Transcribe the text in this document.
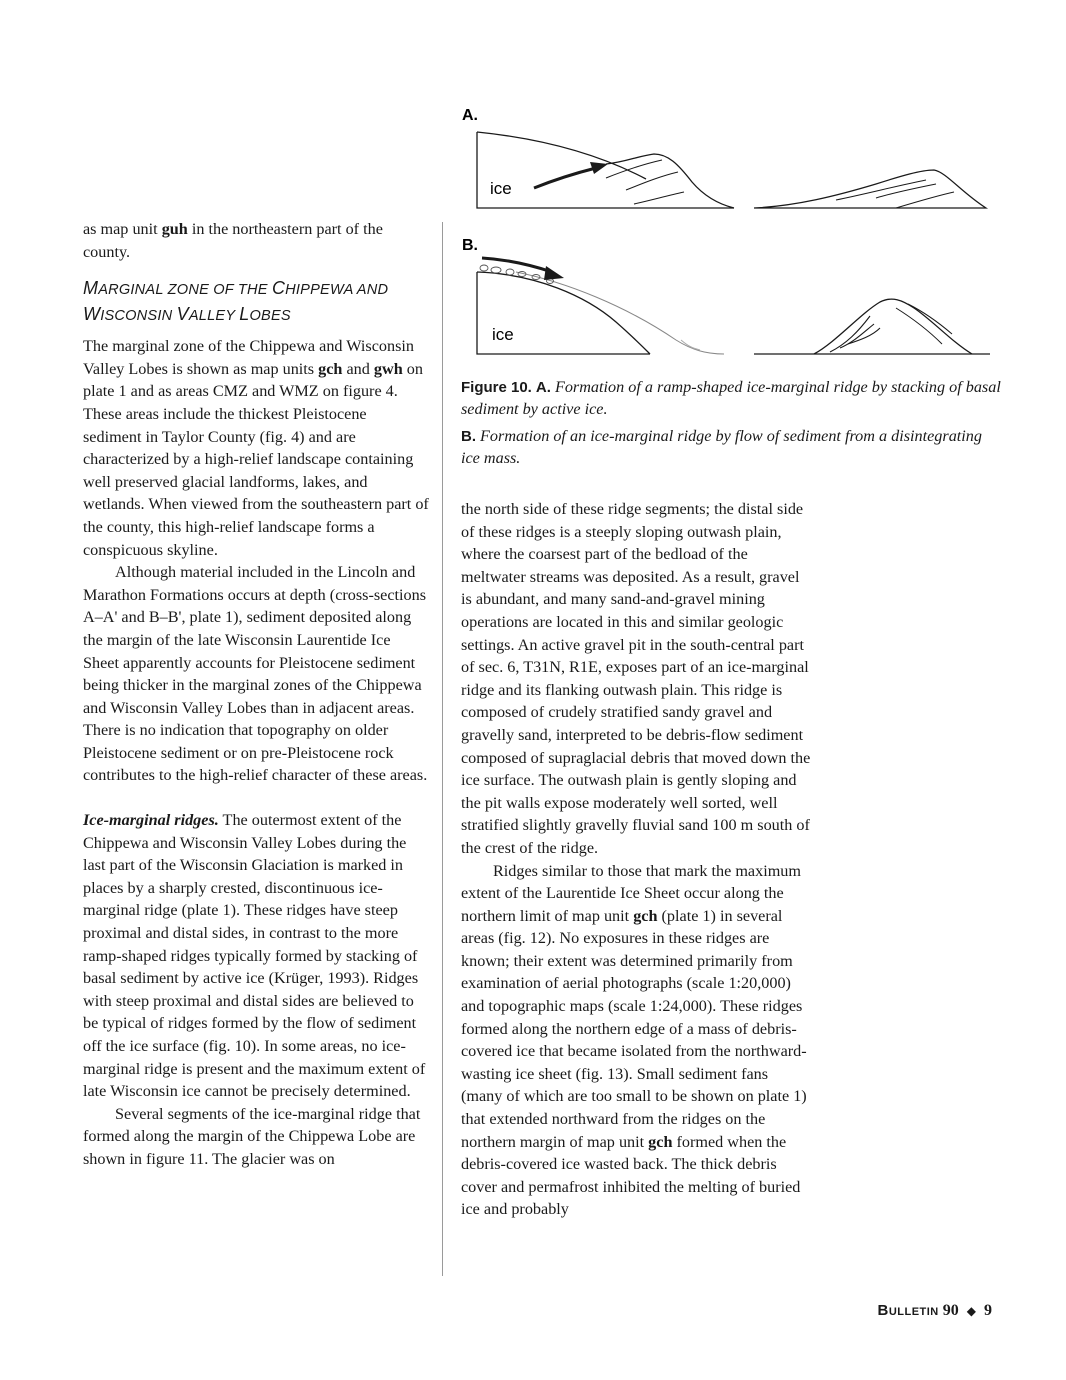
A.
ice
B.
ice

Figure 10. A. Formation of a ramp-shaped ice-marginal ridge by stacking of basal sediment by active ice.

B. Formation of an ice-marginal ridge by flow of sediment from a disintegrating ice mass.

as map unit guh in the northeastern part of the county.

MARGINAL ZONE OF THE CHIPPEWA AND
WISCONSIN VALLEY LOBES

The marginal zone of the Chippewa and Wisconsin Valley Lobes is shown as map units gch and gwh on plate 1 and as areas CMZ and WMZ on figure 4. These areas include the thickest Pleistocene sediment in Taylor County (fig. 4) and are characterized by a high-relief landscape containing well preserved glacial landforms, lakes, and wetlands. When viewed from the southeastern part of the county, this high-relief landscape forms a conspicuous skyline.

Although material included in the Lincoln and Marathon Formations occurs at depth (cross-sections A–A' and B–B', plate 1), sediment deposited along the margin of the late Wisconsin Laurentide Ice Sheet apparently accounts for Pleistocene sediment being thicker in the marginal zones of the Chippewa and Wisconsin Valley Lobes than in adjacent areas. There is no indication that topography on older Pleistocene sediment or on pre-Pleistocene rock contributes to the high-relief character of these areas.

Ice-marginal ridges. The outermost extent of the Chippewa and Wisconsin Valley Lobes during the last part of the Wisconsin Glaciation is marked in places by a sharply crested, discontinuous ice-marginal ridge (plate 1). These ridges have steep proximal and distal sides, in contrast to the more ramp-shaped ridges typically formed by stacking of basal sediment by active ice (Krüger, 1993). Ridges with steep proximal and distal sides are believed to be typical of ridges formed by the flow of sediment off the ice surface (fig. 10). In some areas, no ice-marginal ridge is present and the maximum extent of late Wisconsin ice cannot be precisely determined.

Several segments of the ice-marginal ridge that formed along the margin of the Chippewa Lobe are shown in figure 11. The glacier was on

the north side of these ridge segments; the distal side of these ridges is a steeply sloping outwash plain, where the coarsest part of the bedload of the meltwater streams was deposited. As a result, gravel is abundant, and many sand-and-gravel mining operations are located in this and similar geologic settings. An active gravel pit in the south-central part of sec. 6, T31N, R1E, exposes part of an ice-marginal ridge and its flanking outwash plain. This ridge is composed of crudely stratified sandy gravel and gravelly sand, interpreted to be debris-flow sediment composed of supraglacial debris that moved down the ice surface. The outwash plain is gently sloping and the pit walls expose moderately well sorted, well stratified slightly gravelly fluvial sand 100 m south of the crest of the ridge.

Ridges similar to those that mark the maximum extent of the Laurentide Ice Sheet occur along the northern limit of map unit gch (plate 1) in several areas (fig. 12). No exposures in these ridges are known; their extent was determined primarily from examination of aerial photographs (scale 1:20,000) and topographic maps (scale 1:24,000). These ridges formed along the northern edge of a mass of debris-covered ice that became isolated from the northward-wasting ice sheet (fig. 13). Small sediment fans (many of which are too small to be shown on plate 1) that extended northward from the ridges on the northern margin of map unit gch formed when the debris-covered ice wasted back. The thick debris cover and permafrost inhibited the melting of buried ice and probably

Bulletin 90 ◆ 9
